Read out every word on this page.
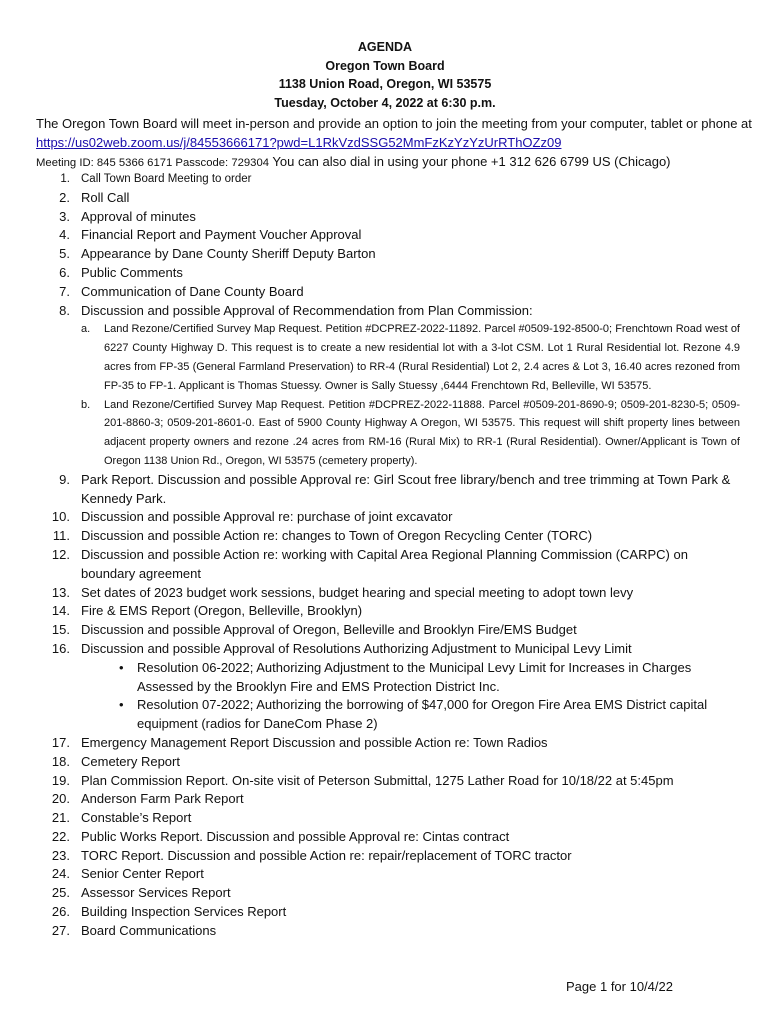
AGENDA
Oregon Town Board
1138 Union Road, Oregon, WI 53575
Tuesday, October 4, 2022 at 6:30 p.m.
The Oregon Town Board will meet in-person and provide an option to join the meeting from your computer, tablet or phone at https://us02web.zoom.us/j/84553666171?pwd=L1RkVzdSSG52MmFzKzYzYzUrRThOZz09
Meeting ID: 845 5366 6171 Passcode: 729304 You can also dial in using your phone +1 312 626 6799 US (Chicago)
1. Call Town Board Meeting to order
2. Roll Call
3. Approval of minutes
4. Financial Report and Payment Voucher Approval
5. Appearance by Dane County Sheriff Deputy Barton
6. Public Comments
7. Communication of Dane County Board
8. Discussion and possible Approval of Recommendation from Plan Commission:
a. Land Rezone/Certified Survey Map Request. Petition #DCPREZ-2022-11892. Parcel #0509-192-8500-0; Frenchtown Road west of 6227 County Highway D. This request is to create a new residential lot with a 3-lot CSM. Lot 1 Rural Residential lot. Rezone 4.9 acres from FP-35 (General Farmland Preservation) to RR-4 (Rural Residential) Lot 2, 2.4 acres & Lot 3, 16.40 acres rezoned from FP-35 to FP-1. Applicant is Thomas Stuessy. Owner is Sally Stuessy ,6444 Frenchtown Rd, Belleville, WI 53575.
b. Land Rezone/Certified Survey Map Request. Petition #DCPREZ-2022-11888. Parcel #0509-201-8690-9; 0509-201-8230-5; 0509-201-8860-3; 0509-201-8601-0. East of 5900 County Highway A Oregon, WI 53575. This request will shift property lines between adjacent property owners and rezone .24 acres from RM-16 (Rural Mix) to RR-1 (Rural Residential). Owner/Applicant is Town of Oregon 1138 Union Rd., Oregon, WI 53575 (cemetery property).
9. Park Report. Discussion and possible Approval re: Girl Scout free library/bench and tree trimming at Town Park & Kennedy Park.
10. Discussion and possible Approval re: purchase of joint excavator
11. Discussion and possible Action re: changes to Town of Oregon Recycling Center (TORC)
12. Discussion and possible Action re: working with Capital Area Regional Planning Commission (CARPC) on boundary agreement
13. Set dates of 2023 budget work sessions, budget hearing and special meeting to adopt town levy
14. Fire & EMS Report (Oregon, Belleville, Brooklyn)
15. Discussion and possible Approval of Oregon, Belleville and Brooklyn Fire/EMS Budget
16. Discussion and possible Approval of Resolutions Authorizing Adjustment to Municipal Levy Limit
• Resolution 06-2022; Authorizing Adjustment to the Municipal Levy Limit for Increases in Charges Assessed by the Brooklyn Fire and EMS Protection District Inc.
• Resolution 07-2022; Authorizing the borrowing of $47,000 for Oregon Fire Area EMS District capital equipment (radios for DaneCom Phase 2)
17. Emergency Management Report Discussion and possible Action re: Town Radios
18. Cemetery Report
19. Plan Commission Report. On-site visit of Peterson Submittal, 1275 Lather Road for 10/18/22 at 5:45pm
20. Anderson Farm Park Report
21. Constable’s Report
22. Public Works Report. Discussion and possible Approval re: Cintas contract
23. TORC Report. Discussion and possible Action re: repair/replacement of TORC tractor
24. Senior Center Report
25. Assessor Services Report
26. Building Inspection Services Report
27. Board Communications
Page 1 for 10/4/22
